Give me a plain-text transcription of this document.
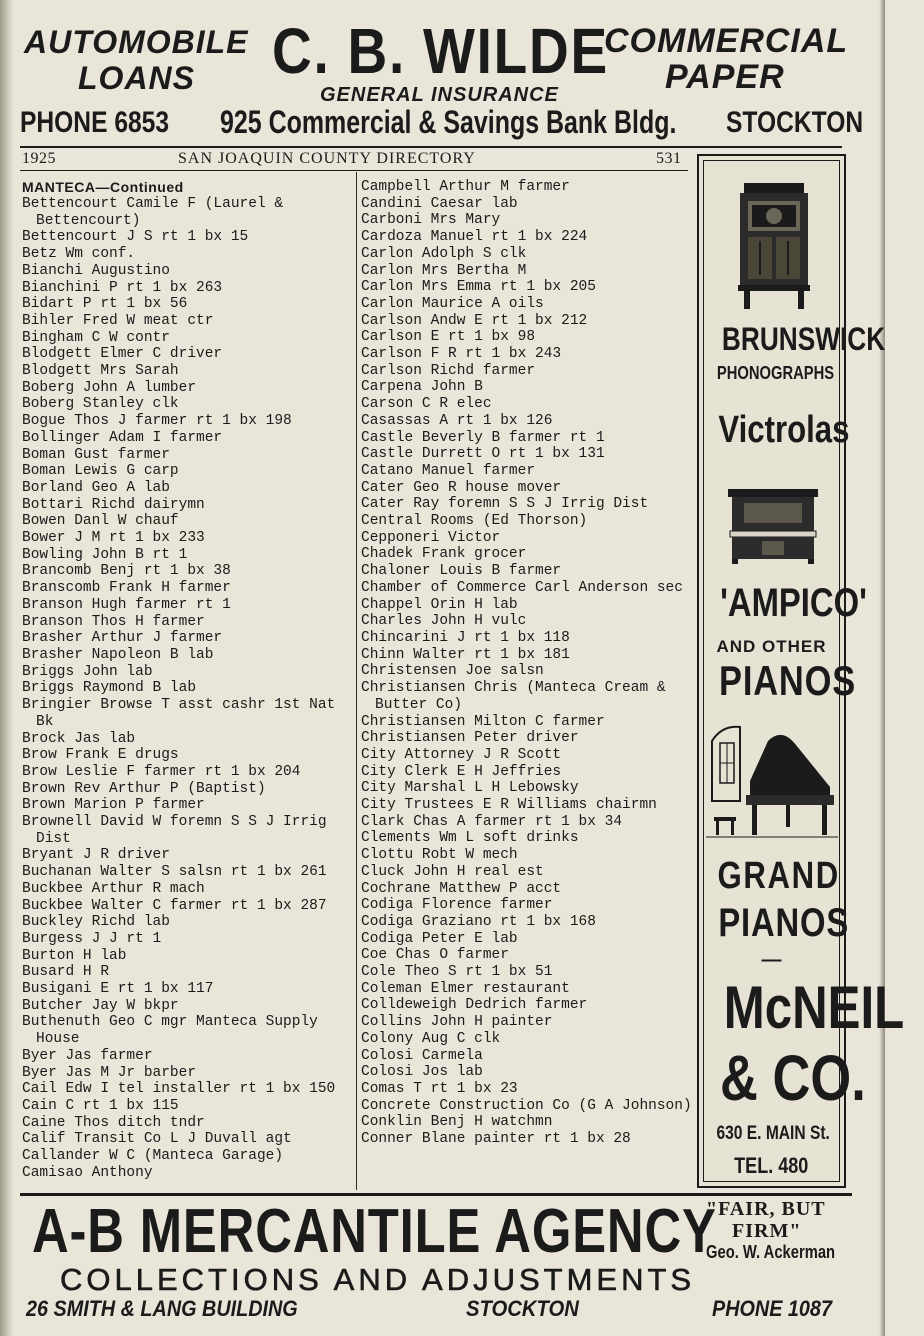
AUTOMOBILE
LOANS
PHONE 6853
C. B. WILDE
GENERAL INSURANCE
925 Commercial & Savings Bank Bldg.
COMMERCIAL
PAPER
STOCKTON
1925	SAN JOAQUIN COUNTY DIRECTORY	531
MANTECA—Continued
Bettencourt Camile F (Laurel & Bettencourt)
Bettencourt J S rt 1 bx 15
Betz Wm conf.
Bianchi Augustino
Bianchini P rt 1 bx 263
Bidart P rt 1 bx 56
Bihler Fred W meat ctr
Bingham C W contr
Blodgett Elmer C driver
Blodgett Mrs Sarah
Boberg John A lumber
Boberg Stanley clk
Bogue Thos J farmer rt 1 bx 198
Bollinger Adam I farmer
Boman Gust farmer
Boman Lewis G carp
Borland Geo A lab
Bottari Richd dairymn
Bowen Danl W chauf
Bower J M rt 1 bx 233
Bowling John B rt 1
Brancomb Benj rt 1 bx 38
Branscomb Frank H farmer
Branson Hugh farmer rt 1
Branson Thos H farmer
Brasher Arthur J farmer
Brasher Napoleon B lab
Briggs John lab
Briggs Raymond B lab
Bringier Browse T asst cashr 1st Nat Bk
Brock Jas lab
Brow Frank E drugs
Brow Leslie F farmer rt 1 bx 204
Brown Rev Arthur P (Baptist)
Brown Marion P farmer
Brownell David W foremn S S J Irrig Dist
Bryant J R driver
Buchanan Walter S salsn rt 1 bx 261
Buckbee Arthur R mach
Buckbee Walter C farmer rt 1 bx 287
Buckley Richd lab
Burgess J J rt 1
Burton H lab
Busard H R
Busigani E rt 1 bx 117
Butcher Jay W bkpr
Buthenuth Geo C mgr Manteca Supply House
Byer Jas farmer
Byer Jas M Jr barber
Cail Edw I tel installer rt 1 bx 150
Cain C rt 1 bx 115
Caine Thos ditch tndr
Calif Transit Co L J Duvall agt
Callander W C (Manteca Garage)
Camisao Anthony
Campbell Arthur M farmer
Candini Caesar lab
Carboni Mrs Mary
Cardoza Manuel rt 1 bx 224
Carlon Adolph S clk
Carlon Mrs Bertha M
Carlon Mrs Emma rt 1 bx 205
Carlon Maurice A oils
Carlson Andw E rt 1 bx 212
Carlson E rt 1 bx 98
Carlson F R rt 1 bx 243
Carlson Richd farmer
Carpena John B
Carson C R elec
Casassas A rt 1 bx 126
Castle Beverly B farmer rt 1
Castle Durrett O rt 1 bx 131
Catano Manuel farmer
Cater Geo R house mover
Cater Ray foremn S S J Irrig Dist
Central Rooms (Ed Thorson)
Cepponeri Victor
Chadek Frank grocer
Chaloner Louis B farmer
Chamber of Commerce Carl Anderson sec
Chappel Orin H lab
Charles John H vulc
Chincarini J rt 1 bx 118
Chinn Walter rt 1 bx 181
Christensen Joe salsn
Christiansen Chris (Manteca Cream & Butter Co)
Christiansen Milton C farmer
Christiansen Peter driver
City Attorney J R Scott
City Clerk E H Jeffries
City Marshal L H Lebowsky
City Trustees E R Williams chairmn
Clark Chas A farmer rt 1 bx 34
Clements Wm L soft drinks
Clottu Robt W mech
Cluck John H real est
Cochrane Matthew P acct
Codiga Florence farmer
Codiga Graziano rt 1 bx 168
Codiga Peter E lab
Coe Chas O farmer
Cole Theo S rt 1 bx 51
Coleman Elmer restaurant
Colldeweigh Dedrich farmer
Collins John H painter
Colony Aug C clk
Colosi Carmela
Colosi Jos lab
Comas T rt 1 bx 23
Concrete Construction Co (G A Johnson)
Conklin Benj H watchmn
Conner Blane painter rt 1 bx 28
BRUNSWICK
PHONOGRAPHS
Victrolas
'AMPICO'
AND OTHER
PIANOS
GRAND
PIANOS
—
McNEIL
& CO.
630 E. MAIN St.
TEL. 480
A-B MERCANTILE AGENCY
"FAIR, BUT
FIRM"
Geo. W. Ackerman
COLLECTIONS AND ADJUSTMENTS
26 SMITH & LANG BUILDING	STOCKTON	PHONE 1087
